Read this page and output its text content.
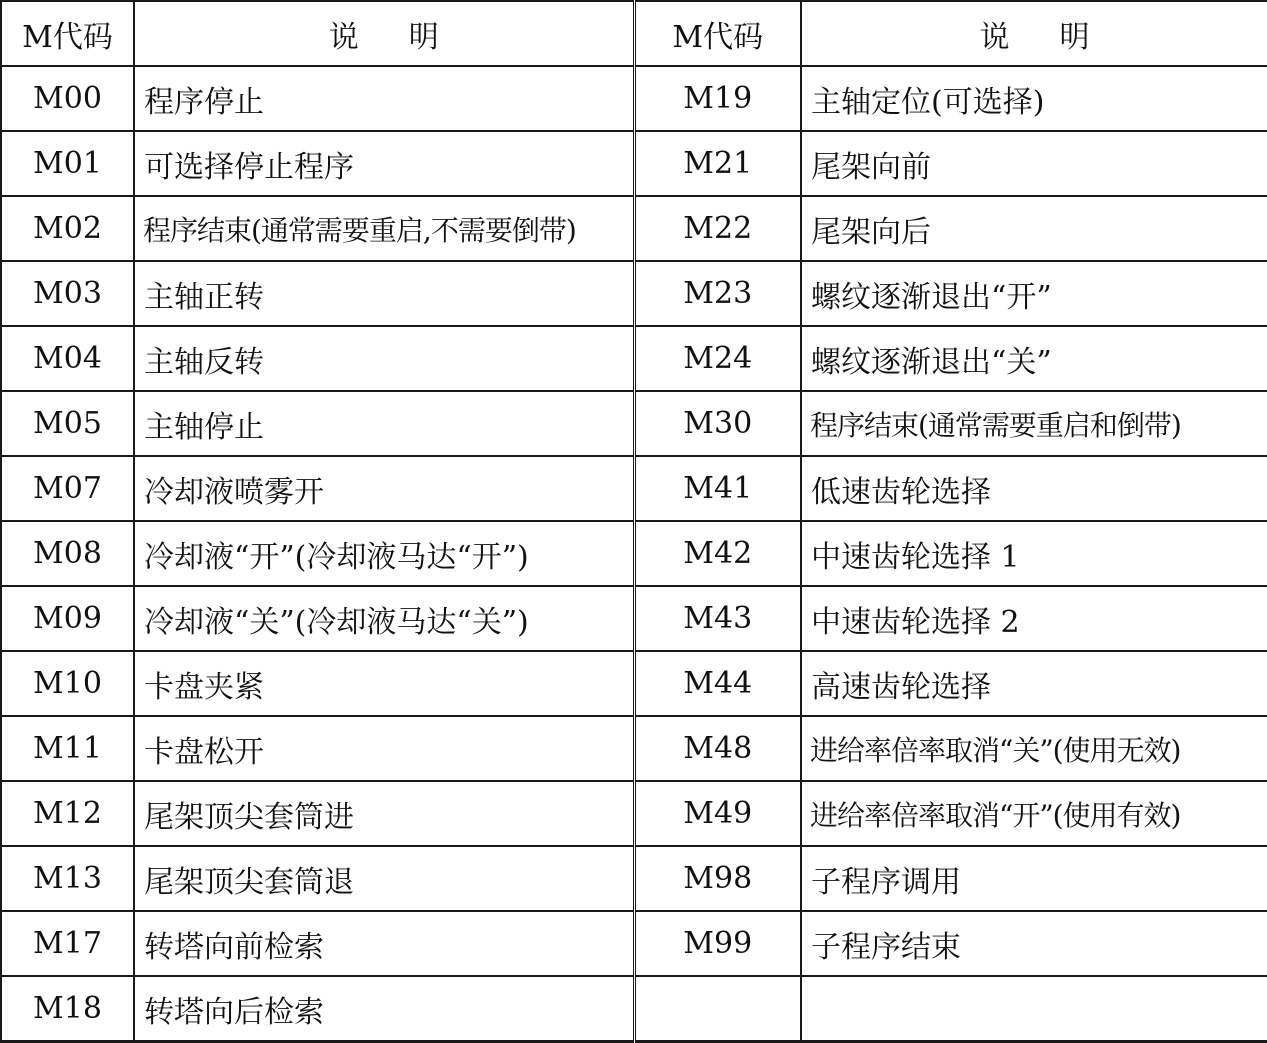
M代码	说明	M代码	说明
M00	程序停止	M19	主轴定位(可选择)
M01	可选择停止程序	M21	尾架向前
M02	程序结束(通常需要重启,不需要倒带)	M22	尾架向后
M03	主轴正转	M23	螺纹逐渐退出“开”
M04	主轴反转	M24	螺纹逐渐退出“关”
M05	主轴停止	M30	程序结束(通常需要重启和倒带)
M07	冷却液喷雾开	M41	低速齿轮选择
M08	冷却液“开”(冷却液马达“开”)	M42	中速齿轮选择 1
M09	冷却液“关”(冷却液马达“关”)	M43	中速齿轮选择 2
M10	卡盘夹紧	M44	高速齿轮选择
M11	卡盘松开	M48	进给率倍率取消“关”(使用无效)
M12	尾架顶尖套筒进	M49	进给率倍率取消“开”(使用有效)
M13	尾架顶尖套筒退	M98	子程序调用
M17	转塔向前检索	M99	子程序结束
M18	转塔向后检索		
